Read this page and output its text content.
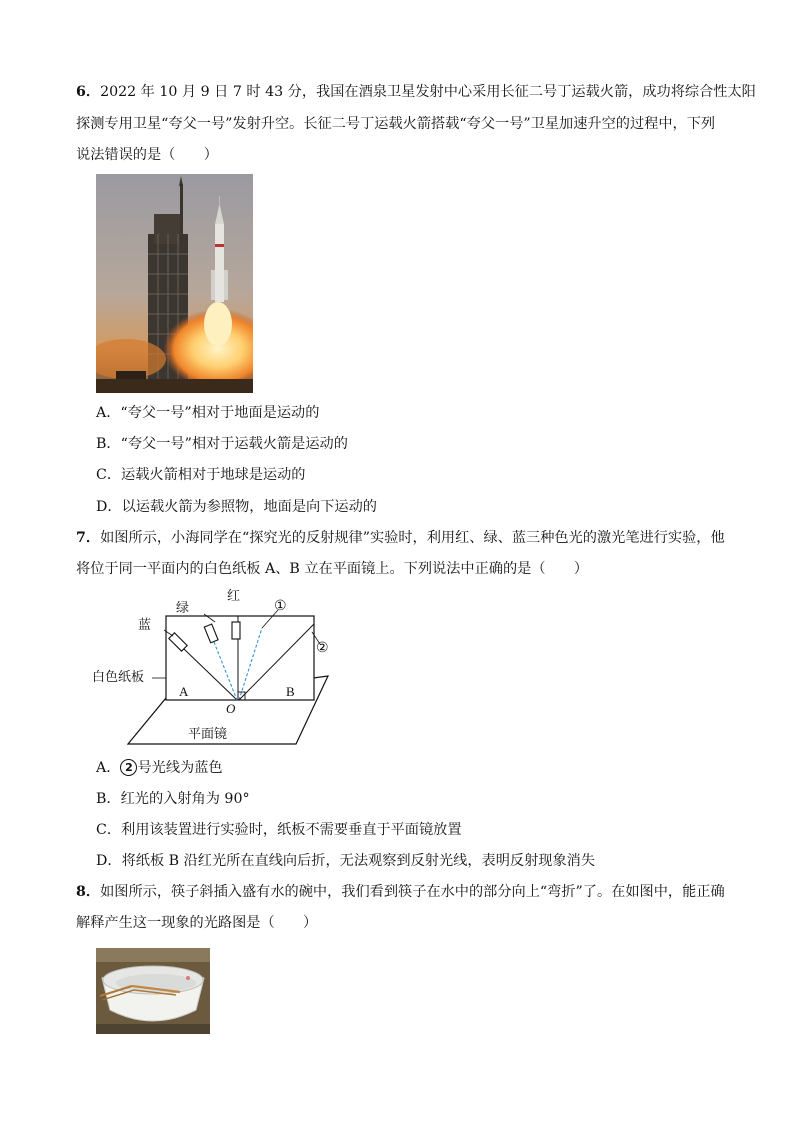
6．2022 年 10 月 9 日 7 时 43 分，我国在酒泉卫星发射中心采用长征二号丁运载火箭，成功将综合性太阳
探测专用卫星“夸父一号”发射升空。长征二号丁运载火箭搭载“夸父一号”卫星加速升空的过程中，下列
说法错误的是（　　）
A．“夸父一号”相对于地面是运动的
B．“夸父一号”相对于运载火箭是运动的
C．运载火箭相对于地球是运动的
D．以运载火箭为参照物，地面是向下运动的
7．如图所示，小海同学在“探究光的反射规律”实验时，利用红、绿、蓝三种色光的激光笔进行实验，他
将位于同一平面内的白色纸板 A、B 立在平面镜上。下列说法中正确的是（　　）
绿
红
蓝
①
②
白色纸板
A	B
O
平面镜
A． 2 号光线为蓝色
B．红光的入射角为 90°
C．利用该装置进行实验时，纸板不需要垂直于平面镜放置
D．将纸板 B 沿红光所在直线向后折，无法观察到反射光线，表明反射现象消失
8．如图所示，筷子斜插入盛有水的碗中，我们看到筷子在水中的部分向上“弯折”了。在如图中，能正确
解释产生这一现象的光路图是（　　）
